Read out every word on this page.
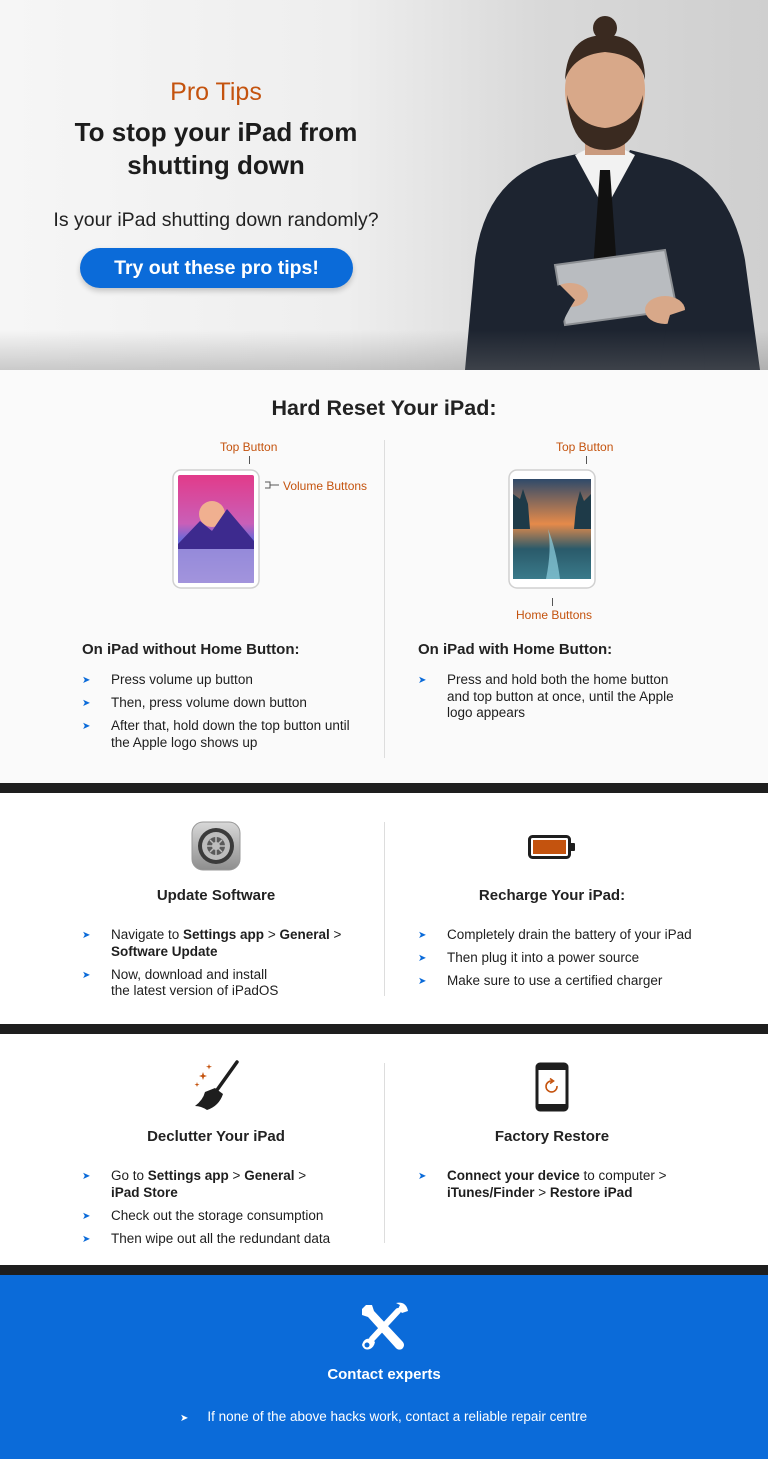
Pro Tips
To stop your iPad from shutting down
Is your iPad shutting down randomly?
Try out these pro tips!
Hard Reset Your iPad:
Top Button
Volume Buttons
On iPad without Home Button:
➤ Press volume up button
➤ Then, press volume down button
➤ After that, hold down the top button until the Apple logo shows up
Top Button
Home Buttons
On iPad with Home Button:
➤ Press and hold both the home button and top button at once, until the Apple logo appears
Update Software
➤ Navigate to Settings app > General > Software Update
➤ Now, download and install the latest version of iPadOS
Recharge Your iPad:
➤ Completely drain the battery of your iPad
➤ Then plug it into a power source
➤ Make sure to use a certified charger
Declutter Your iPad
➤ Go to Settings app > General > iPad Store
➤ Check out the storage consumption
➤ Then wipe out all the redundant data
Factory Restore
➤ Connect your device to computer > iTunes/Finder > Restore iPad
Contact experts
➤ If none of the above hacks work, contact a reliable repair centre
